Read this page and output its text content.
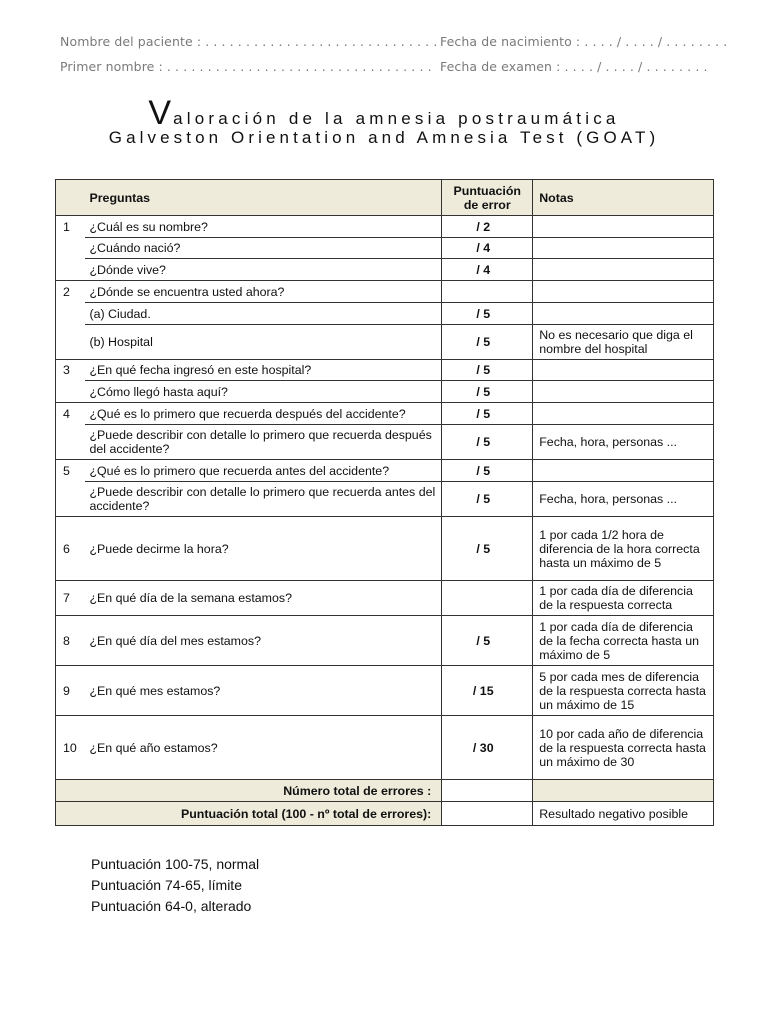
Nombre del paciente : . . . . . . . . . . . . . . . . . . . . . . . . . . . . .
Primer nombre : . . . . . . . . . . . . . . . . . . . . . . . . . . . . . . . . .
Fecha de nacimiento : . . . . / . . . . / . . . . . . . .
Fecha de examen : . . . . / . . . . / . . . . . . . .
Valoración de la amnesia postraumática
Galveston Orientation and Amnesia Test (GOAT)
	Preguntas	Puntuación de error	Notas
1	¿Cuál es su nombre?	/ 2	
	¿Cuándo nació?	/ 4	
	¿Dónde vive?	/ 4	
2	¿Dónde se encuentra usted ahora?		
	(a) Ciudad.	/ 5	
	(b) Hospital	/ 5	No es necesario que diga el nombre del hospital
3	¿En qué fecha ingresó en este hospital?	/ 5	
	¿Cómo llegó hasta aquí?	/ 5	
4	¿Qué es lo primero que recuerda después del accidente?	/ 5	
	¿Puede describir con detalle lo primero que recuerda después del accidente?	/ 5	Fecha, hora, personas ...
5	¿Qué es lo primero que recuerda antes del accidente?	/ 5	
	¿Puede describir con detalle lo primero que recuerda antes del accidente?	/ 5	Fecha, hora, personas ...
6	¿Puede decirme la hora?	/ 5	1 por cada 1/2 hora de diferencia de la hora correcta hasta un máximo de 5
7	¿En qué día de la semana estamos?		1 por cada día de diferencia de la respuesta correcta
8	¿En qué día del mes estamos?	/ 5	1 por cada día de diferencia de la fecha correcta hasta un máximo de 5
9	¿En qué mes estamos?	/ 15	5 por cada mes de diferencia de la respuesta correcta hasta un máximo de 15
10	¿En qué año estamos?	/ 30	10 por cada año de diferencia de la respuesta correcta hasta un máximo de 30
Número total de errores :			
Puntuación total (100 - nº total de errores):			Resultado negativo posible
Puntuación 100-75, normal
Puntuación 74-65, límite
Puntuación 64-0, alterado
